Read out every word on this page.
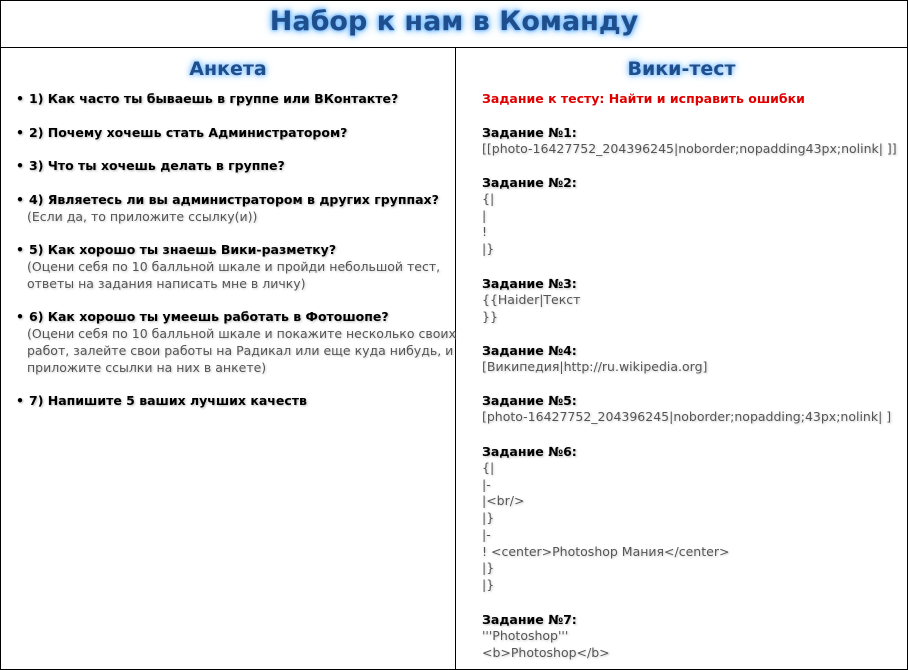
Набор к нам в Команду
Анкета	Вики-тест
• 1) Как часто ты бываешь в группе или ВКонтакте?
• 2) Почему хочешь стать Администратором?
• 3) Что ты хочешь делать в группе?
• 4) Являетесь ли вы администратором в других группах?
(Если да, то приложите ссылку(и))
• 5) Как хорошо ты знаешь Вики-разметку?
(Оцени себя по 10 балльной шкале и пройди небольшой тест,
ответы на задания написать мне в личку)
• 6) Как хорошо ты умеешь работать в Фотошопе?
(Оцени себя по 10 балльной шкале и покажите несколько своих
работ, залейте свои работы на Радикал или еще куда нибудь, и
приложите ссылки на них в анкете)
• 7) Напишите 5 ваших лучших качеств
Задание к тесту: Найти и исправить ошибки
Задание №1:
[[photo-16427752_204396245|noborder;nopadding43px;nolink| ]]
Задание №2:
{|
|
!
|}
Задание №3:
{{Haider|Текст
}}
Задание №4:
[Википедия|http://ru.wikipedia.org]
Задание №5:
[photo-16427752_204396245|noborder;nopadding;43px;nolink| ]
Задание №6:
{|
|-
|<br/>
|}
|-
! <center>Photoshop Мания</center>
|}
|}
Задание №7:
'''Photoshop'''
<b>Photoshop</b>
